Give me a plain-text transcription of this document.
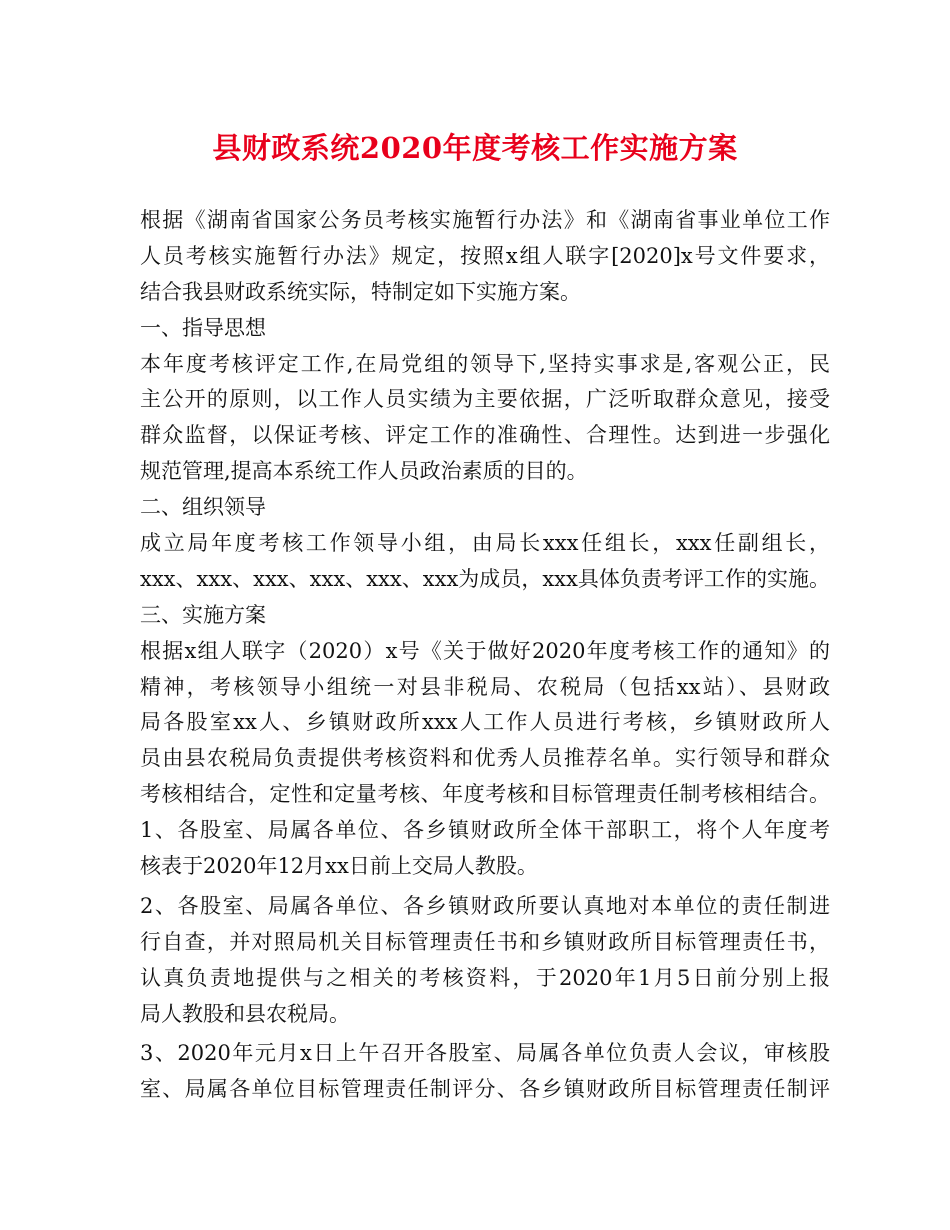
县财政系统2020年度考核工作实施方案
根据《湖南省国家公务员考核实施暂行办法》和《湖南省事业单位工作
人员考核实施暂行办法》规定，按照x组人联字[2020]x号文件要求，
结合我县财政系统实际，特制定如下实施方案。
一、指导思想
本年度考核评定工作,在局党组的领导下,坚持实事求是,客观公正，民
主公开的原则，以工作人员实绩为主要依据，广泛听取群众意见，接受
群众监督，以保证考核、评定工作的准确性、合理性。达到进一步强化
规范管理,提高本系统工作人员政治素质的目的。
二、组织领导
成立局年度考核工作领导小组，由局长xxx任组长，xxx任副组长，
xxx、xxx、xxx、xxx、xxx、xxx为成员，xxx具体负责考评工作的实施。
三、实施方案
根据x组人联字（2020）x号《关于做好2020年度考核工作的通知》的
精神，考核领导小组统一对县非税局、农税局（包括xx站）、县财政
局各股室xx人、乡镇财政所xxx人工作人员进行考核，乡镇财政所人
员由县农税局负责提供考核资料和优秀人员推荐名单。实行领导和群众
考核相结合，定性和定量考核、年度考核和目标管理责任制考核相结合。
1、各股室、局属各单位、各乡镇财政所全体干部职工，将个人年度考
核表于2020年12月xx日前上交局人教股。
2、各股室、局属各单位、各乡镇财政所要认真地对本单位的责任制进
行自查，并对照局机关目标管理责任书和乡镇财政所目标管理责任书，
认真负责地提供与之相关的考核资料，于2020年1月5日前分别上报
局人教股和县农税局。
3、2020年元月x日上午召开各股室、局属各单位负责人会议，审核股
室、局属各单位目标管理责任制评分、各乡镇财政所目标管理责任制评
